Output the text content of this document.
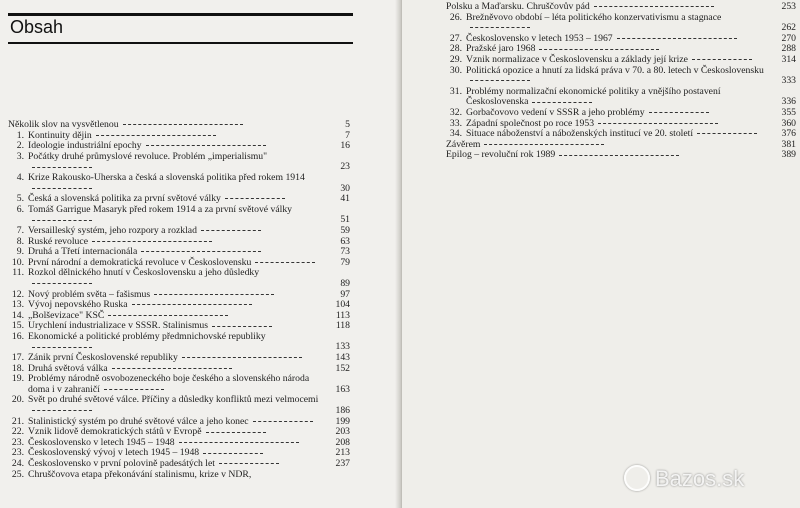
Obsah
Několik slov na vysvětlenou	5
1. Kontinuity dějin	7
2. Ideologie industriální epochy	16
3. Počátky druhé průmyslové revoluce. Problém „imperialismu"
23
4. Krize Rakousko-Uherska a česká a slovenská politika před rokem 1914
30
5. Česká a slovenská politika za první světové války	41
6. Tomáš Garrigue Masaryk před rokem 1914 a za první světové války
51
7. Versailleský systém, jeho rozpory a rozklad	59
8. Ruské revoluce	63
9. Druhá a Třetí internacionála	73
10. První národní a demokratická revoluce v Československu	79
11. Rozkol dělnického hnutí v Československu a jeho důsledky
89
12. Nový problém světa – fašismus	97
13. Vývoj nepovského Ruska	104
14. „Bolševizace" KSČ	113
15. Urychlení industrializace v SSSR. Stalinismus	118
16. Ekonomické a politické problémy předmnichovské republiky
133
17. Zánik první Československé republiky	143
18. Druhá světová válka	152
19. Problémy národně osvobozeneckého boje českého a slovenského národa doma i v zahraničí	163
20. Svět po druhé světové válce. Příčiny a důsledky konfliktů mezi velmocemi
186
21. Stalinistický systém po druhé světové válce a jeho konec	199
22. Vznik lidově demokratických států v Evropě	203
23. Československo v letech 1945 – 1948	208
23. Československý vývoj v letech 1945 – 1948	213
24. Československo v první polovině padesátých let	237
25. Chruščovova etapa překonávání stalinismu, krize v NDR,
Polsku a Maďarsku. Chruščovův pád	253
26. Brežněvovo období – léta politického konzervativismu a stagnace
262
27. Československo v letech 1953 – 1967	270
28. Pražské jaro 1968	288
29. Vznik normalizace v Československu a základy její krize	314
30. Politická opozice a hnutí za lidská práva v 70. a 80. letech v Československu
333
31. Problémy normalizační ekonomické politiky a vnějšího postavení Československa	336
32. Gorbačovovo vedení v SSSR a jeho problémy	355
33. Západní společnost po roce 1953	360
34. Situace náboženství a náboženských institucí ve 20. století	376
Závěrem	381
Epilog – revoluční rok 1989	389
Bazos.sk
